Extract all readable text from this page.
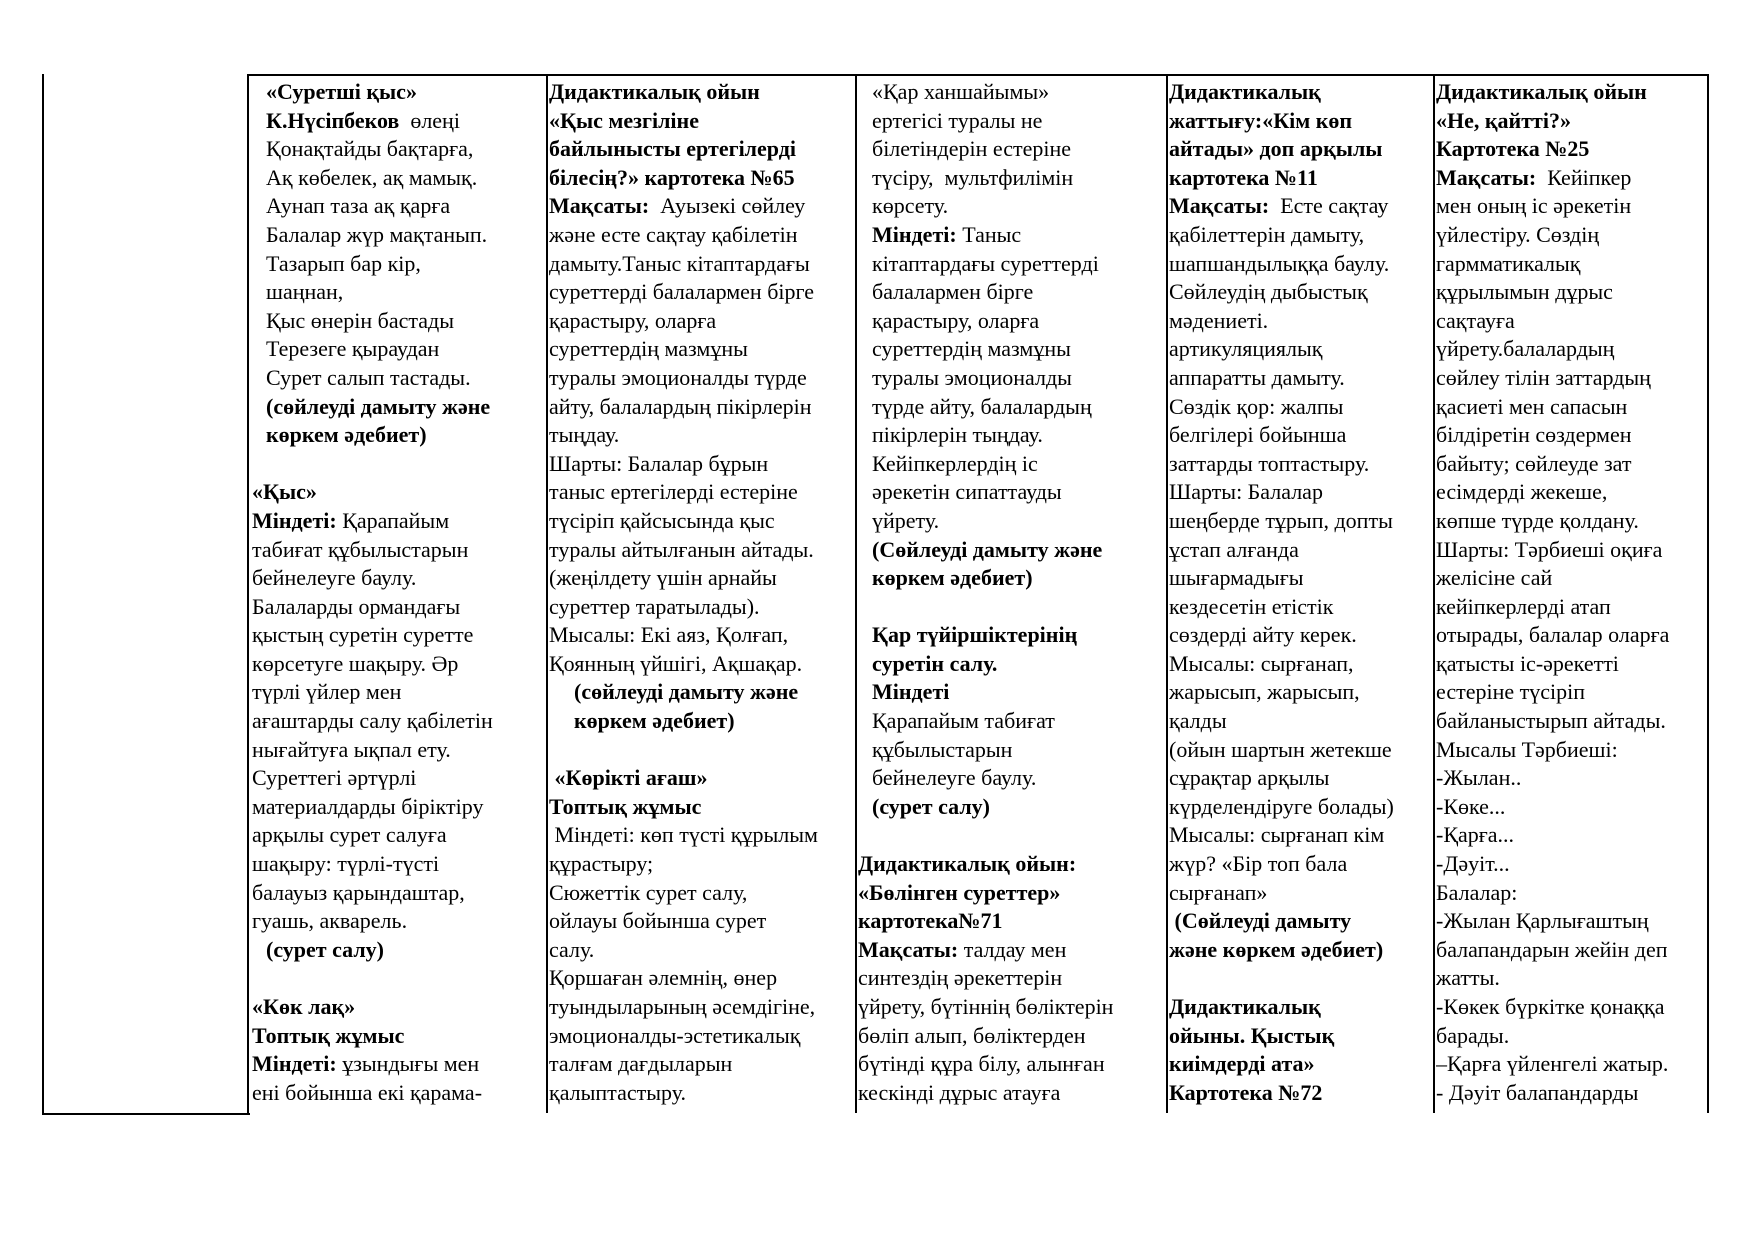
«Суретші қыс»
К.Нүсіпбеков  өлеңі
Қонақтайды бақтарға,
Ақ көбелек, ақ мамық.
Аунап таза ақ қарға
Балалар жүр мақтанып.
Тазарып бар кір,
шаңнан,
Қыс өнерін бастады
Терезеге қыраудан
Сурет салып тастады.
(сөйлеуді дамыту және
көркем әдебиет)
«Қыс»
Міндеті: Қарапайым
табиғат құбылыстарын
бейнелеуге баулу.
Балаларды ормандағы
қыстың суретін суретте
көрсетуге шақыру. Әр
түрлі үйлер мен
ағаштарды салу қабілетін
нығайтуға ықпал ету.
Суреттегі әртүрлі
материалдарды біріктіру
арқылы сурет салуға
шақыру: түрлі-түсті
балауыз қарындаштар,
гуашь, акварель.
(сурет салу)
«Көк лақ»
Топтық жұмыс
Міндеті: ұзындығы мен
ені бойынша екі қарама-
Дидактикалық ойын
«Қыс мезгіліне
байлынысты ертегілерді
білесің?» картотека №65
Мақсаты:  Ауызекі сөйлеу
және есте сақтау қабілетін
дамыту.Таныс кітаптардағы
суреттерді балалармен бірге
қарастыру, оларға
суреттердің мазмұны
туралы эмоционалды түрде
айту, балалардың пікірлерін
тыңдау.
Шарты: Балалар бұрын
таныс ертегілерді естеріне
түсіріп қайсысында қыс
туралы айтылғанын айтады.
(жеңілдету үшін арнайы
суреттер таратылады).
Мысалы: Екі аяз, Қолғап,
Қоянның үйшігі, Ақшақар.
(сөйлеуді дамыту және
көркем әдебиет)
«Көрікті ағаш»
Топтық жұмыс
Міндеті: көп түсті құрылым
құрастыру;
Сюжеттік сурет салу,
ойлауы бойынша сурет
салу.
Қоршаған әлемнің, өнер
туындыларының әсемдігіне,
эмоционалды-эстетикалық
талғам дағдыларын
қалыптастыру.
«Қар ханшайымы»
ертегісі туралы не
білетіндерін естеріне
түсіру,  мультфилімін
көрсету.
Міндеті: Таныс
кітаптардағы суреттерді
балалармен бірге
қарастыру, оларға
суреттердің мазмұны
туралы эмоционалды
түрде айту, балалардың
пікірлерін тыңдау.
Кейіпкерлердің іс
әрекетін сипаттауды
үйрету.
(Сөйлеуді дамыту және
көркем әдебиет)
Қар түйіршіктерінің
суретін салу.
Міндеті
Қарапайым табиғат
құбылыстарын
бейнелеуге баулу.
(сурет салу)
Дидактикалық ойын:
«Бөлінген суреттер»
картотека№71
Мақсаты: талдау мен
синтездің әрекеттерін
үйрету, бүтіннің бөліктерін
бөліп алып, бөліктерден
бүтінді құра білу, алынған
кескінді дұрыс атауға
Дидактикалық
жаттығу:«Кім көп
айтады» доп арқылы
картотека №11
Мақсаты:  Есте сақтау
қабілеттерін дамыту,
шапшандылыққа баулу.
Сөйлеудің дыбыстық
мәдениеті.
артикуляциялық
аппаратты дамыту.
Сөздік қор: жалпы
белгілері бойынша
заттарды топтастыру.
Шарты: Балалар
шеңберде тұрып, допты
ұстап алғанда
шығармадығы
кездесетін етістік
сөздерді айту керек.
Мысалы: сырғанап,
жарысып, жарысып,
қалды
(ойын шартын жетекше
сұрақтар арқылы
күрделендіруге болады)
Мысалы: сырғанап кім
жүр? «Бір топ бала
сырғанап»
(Сөйлеуді дамыту
және көркем әдебиет)
Дидактикалық
ойыны. Қыстық
киімдерді ата»
Картотека №72
Дидактикалық ойын
«Не, қайтті?»
Картотека №25
Мақсаты:  Кейіпкер
мен оның іс әрекетін
үйлестіру. Сөздің
гармматикалық
құрылымын дұрыс
сақтауға
үйрету.балалардың
сөйлеу тілін заттардың
қасиеті мен сапасын
білдіретін сөздермен
байыту; сөйлеуде зат
есімдерді жекеше,
көпше түрде қолдану.
Шарты: Тәрбиеші оқиға
желісіне сай
кейіпкерлерді атап
отырады, балалар оларға
қатысты іс-әрекетті
естеріне түсіріп
байланыстырып айтады.
Мысалы Тәрбиеші:
-Жылан..
-Көке...
-Қарға...
-Дәуіт...
Балалар:
-Жылан Қарлығаштың
балапандарын жейін деп
жатты.
-Көкек бүркітке қонаққа
барады.
–Қарға үйленгелі жатыр.
- Дәуіт балапандарды
